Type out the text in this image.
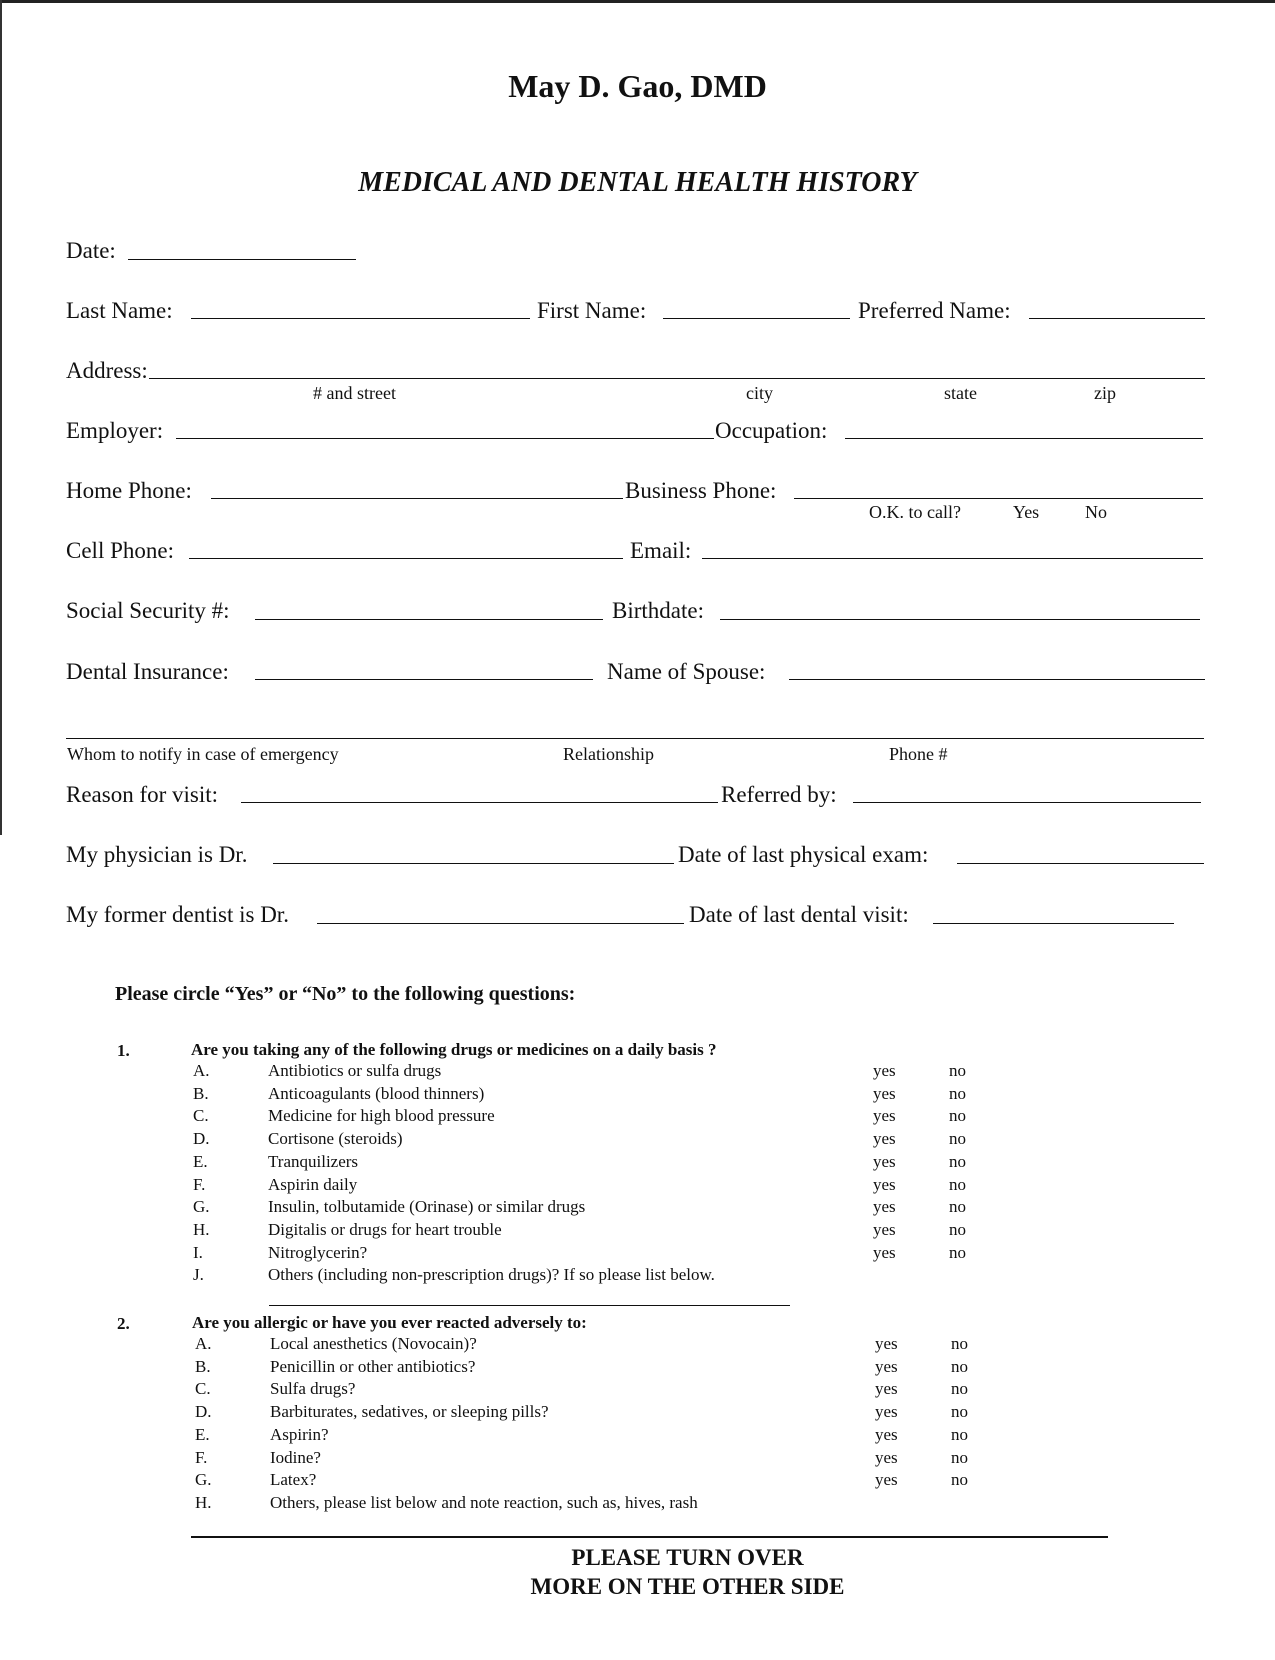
May D. Gao, DMD
MEDICAL AND DENTAL HEALTH HISTORY
Date:
Last Name:	First Name:	Preferred Name:
Address:
# and street	city	state	zip
Employer:	Occupation:
Home Phone:	Business Phone:
O.K. to call?	Yes	No
Cell Phone:	Email:
Social Security #:	Birthdate:
Dental Insurance:	Name of Spouse:
Whom to notify in case of emergency	Relationship	Phone #
Reason for visit:	Referred by:
My physician is Dr.	Date of last physical exam:
My former dentist is Dr.	Date of last dental visit:
Please circle “Yes” or “No” to the following questions:
1.	Are you taking any of the following drugs or medicines on a daily basis ?
A.	Antibiotics or sulfa drugs	yes	no
B.	Anticoagulants (blood thinners)	yes	no
C.	Medicine for high blood pressure	yes	no
D.	Cortisone (steroids)	yes	no
E.	Tranquilizers	yes	no
F.	Aspirin daily	yes	no
G.	Insulin, tolbutamide (Orinase) or similar drugs	yes	no
H.	Digitalis or drugs for heart trouble	yes	no
I.	Nitroglycerin?	yes	no
J.	Others (including non-prescription drugs)? If so please list below.
2.	Are you allergic or have you ever reacted adversely to:
A.	Local anesthetics (Novocain)?	yes	no
B.	Penicillin or other antibiotics?	yes	no
C.	Sulfa drugs?	yes	no
D.	Barbiturates, sedatives, or sleeping pills?	yes	no
E.	Aspirin?	yes	no
F.	Iodine?	yes	no
G.	Latex?	yes	no
H.	Others, please list below and note reaction, such as, hives, rash
PLEASE TURN OVER
MORE ON THE OTHER SIDE
